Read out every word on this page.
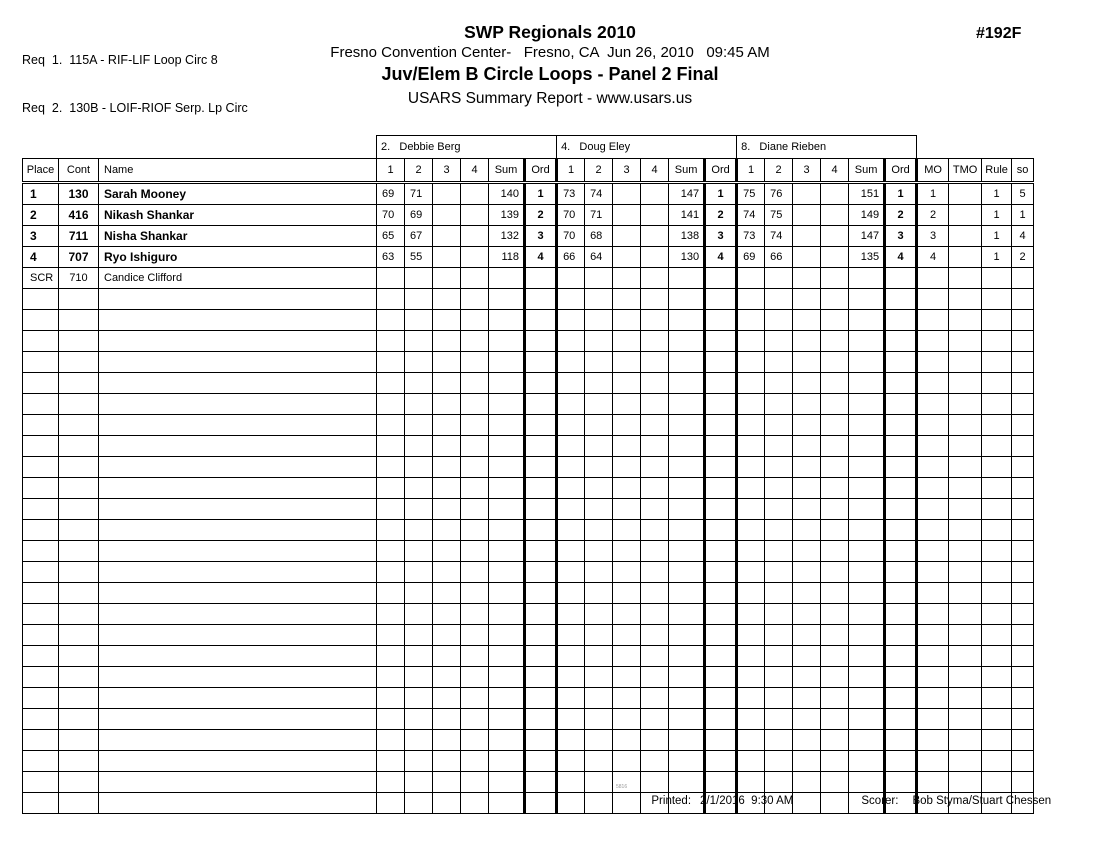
Req  1.  115A - RIF-LIF Loop Circ 8

Req  2.  130B - LOIF-RIOF Serp. Lp Circ

SWP Regionals 2010
Fresno Convention Center-   Fresno, CA  Jun 26, 2010   09:45 AM
Juv/Elem B Circle Loops - Panel 2 Final
USARS Summary Report - www.usars.us
#192F
			2.   Debbie Berg						4.   Doug Eley						8.   Diane Rieben									
Place	Cont	Name	1	2	3	4	Sum	Ord	1	2	3	4	Sum	Ord	1	2	3	4	Sum	Ord	MO	TMO	Rule	so
1	130	Sarah Mooney	69	71			140	1	73	74			147	1	75	76			151	1	1		1	5
2	416	Nikash Shankar	70	69			139	2	70	71			141	2	74	75			149	2	2		1	1
3	711	Nisha Shankar	65	67			132	3	70	68			138	3	73	74			147	3	3		1	4
4	707	Ryo Ishiguro	63	55			118	4	66	64			130	4	69	66			135	4	4		1	2
SCR	710	Candice Clifford																						

5816

Printed: 2/1/2016  9:30 AM	Scorer: Bob Styma/Stuart Chessen
